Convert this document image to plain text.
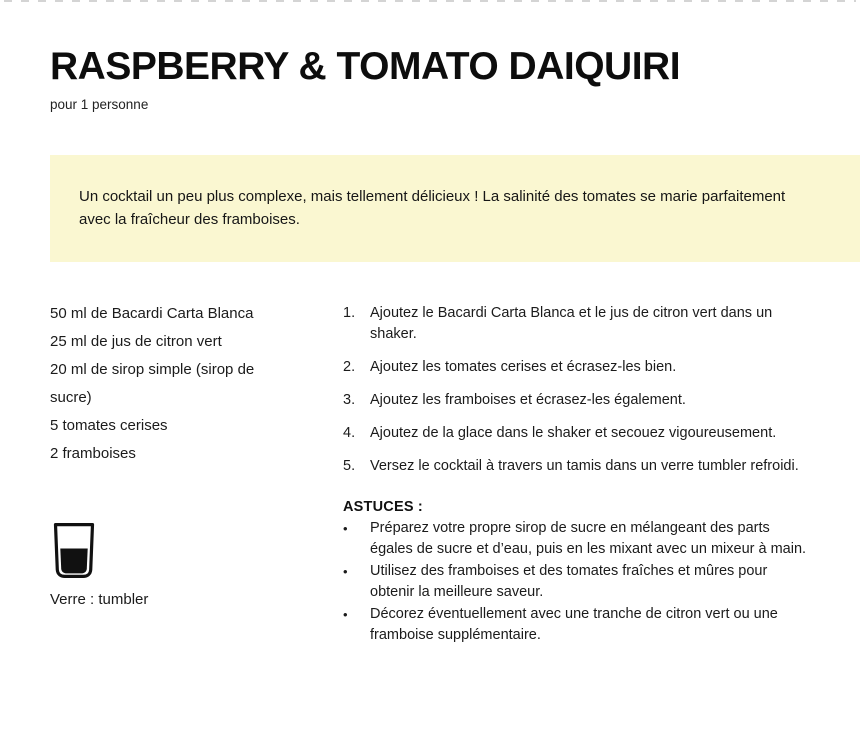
RASPBERRY & TOMATO DAIQUIRI
pour 1 personne

Un cocktail un peu plus complexe, mais tellement délicieux ! La salinité des tomates se marie parfaitement avec la fraîcheur des framboises.

50 ml de Bacardi Carta Blanca
25 ml de jus de citron vert
20 ml de sirop simple (sirop de sucre)
5 tomates cerises
2 framboises
Verre : tumbler
1.	Ajoutez le Bacardi Carta Blanca et le jus de citron vert dans un shaker.
2.	Ajoutez les tomates cerises et écrasez-les bien.
3.	Ajoutez les framboises et écrasez-les également.
4.	Ajoutez de la glace dans le shaker et secouez vigoureusement.
5.	Versez le cocktail à travers un tamis dans un verre tumbler refroidi.
ASTUCES :
•	Préparez votre propre sirop de sucre en mélangeant des parts égales de sucre et d’eau, puis en les mixant avec un mixeur à main.
•	Utilisez des framboises et des tomates fraîches et mûres pour obtenir la meilleure saveur.
•	Décorez éventuellement avec une tranche de citron vert ou une framboise supplémentaire.
